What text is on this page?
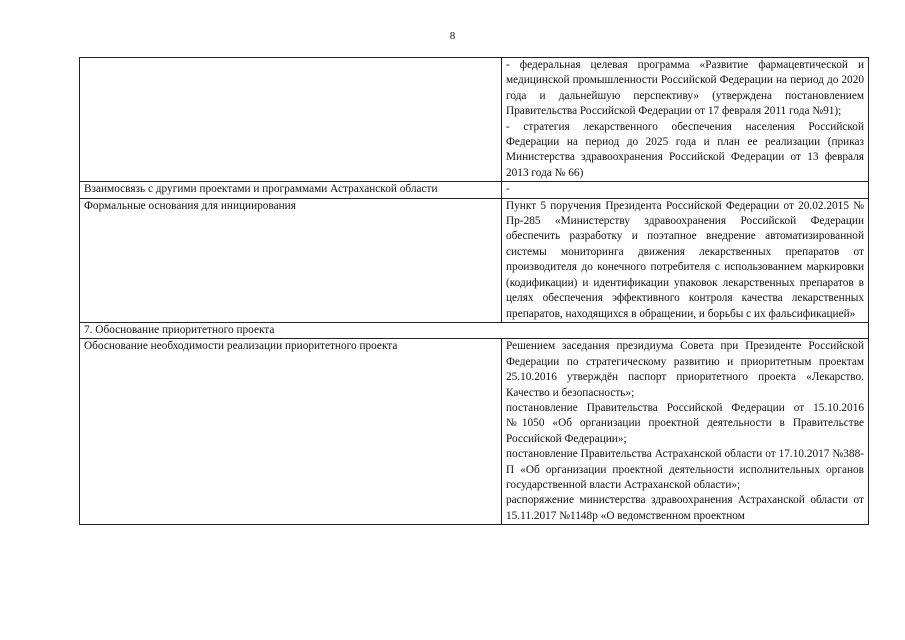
8

	- федеральная целевая программа «Развитие фармацевтической и медицинской промышленности Российской Федерации на период до 2020 года и дальнейшую перспективу» (утверждена постановлением Правительства Российской Федерации от 17 февраля 2011 года №91);

- стратегия лекарственного обеспечения населения Российской Федерации на период до 2025 года и план ее реализации (приказ Министерства здравоохранения Российской Федерации от 13 февраля 2013 года № 66)

Взаимосвязь с другими проектами и программами Астраханской области	-

Формальные основания для инициирования	Пункт 5 поручения Президента Российской Федерации от 20.02.2015 № Пр-285 «Министерству здравоохранения Российской Федерации обеспечить разработку и поэтапное внедрение автоматизированной системы мониторинга движения лекарственных препаратов от производителя до конечного потребителя с использованием маркировки (кодификации) и идентификации упаковок лекарственных препаратов в целях обеспечения эффективного контроля качества лекарственных препаратов, находящихся в обращении, и борьбы с их фальсификацией»

7. Обоснование приоритетного проекта	
Обоснование необходимости реализации приоритетного проекта	Решением заседания президиума Совета при Президенте Российской Федерации по стратегическому развитию и приоритетным проектам 25.10.2016 утверждён паспорт приоритетного проекта «Лекарство. Качество и безопасность»;

постановление Правительства Российской Федерации от 15.10.2016 №1050 «Об организации проектной деятельности в Правительстве Российской Федерации»;

постановление Правительства Астраханской области от 17.10.2017 №388-П «Об организации проектной деятельности исполнительных органов государственной власти Астраханской области»;

распоряжение министерства здравоохранения Астраханской области от 15.11.2017 №1148р «О ведомственном проектном
